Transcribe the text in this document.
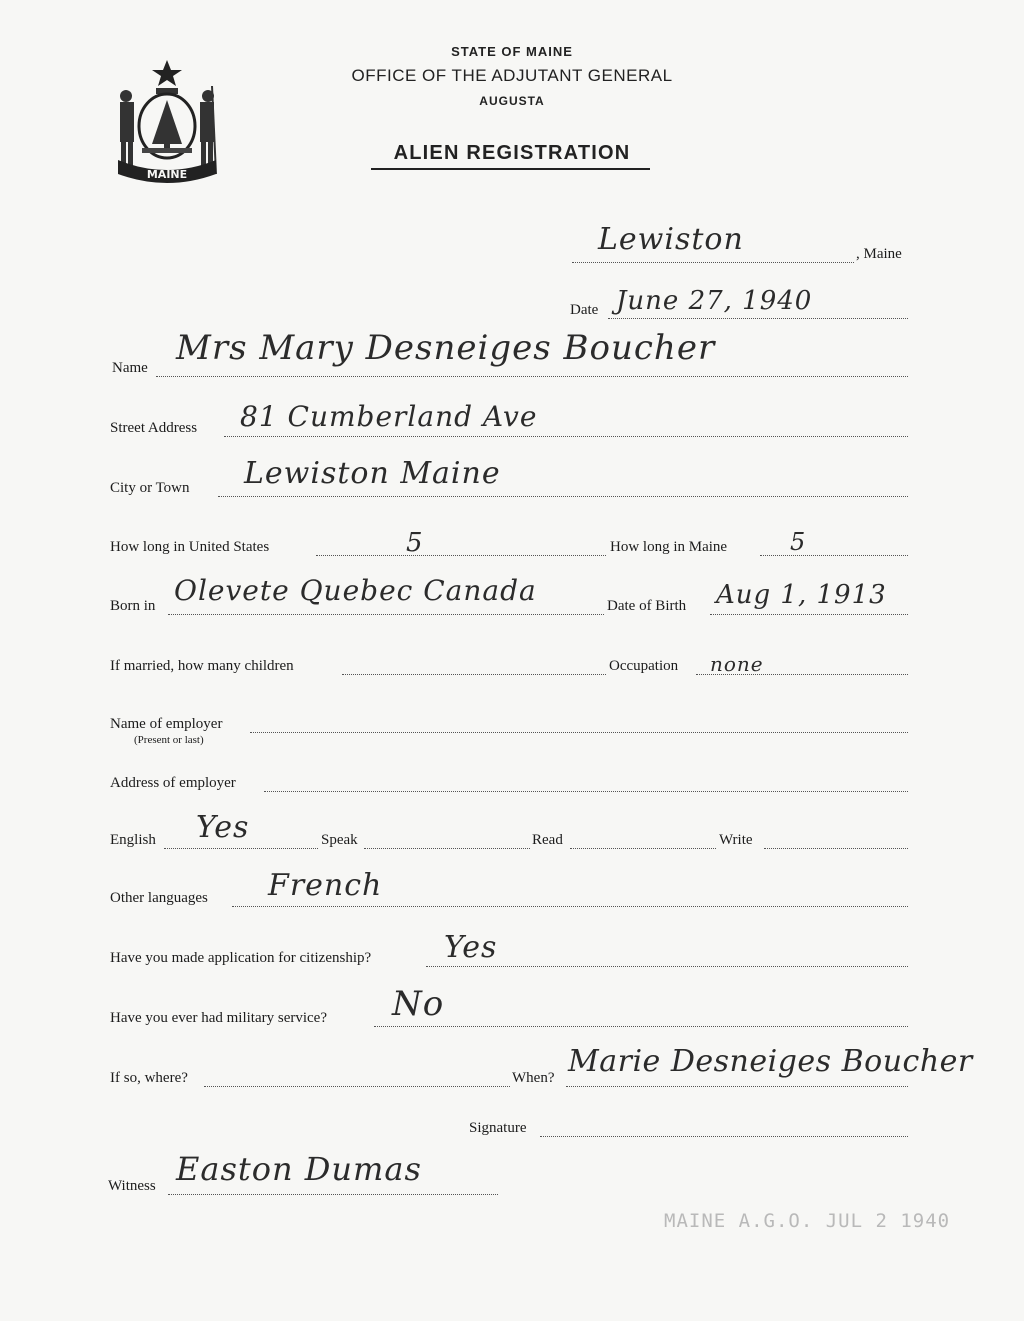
MAINE
STATE OF MAINE
OFFICE OF THE ADJUTANT GENERAL
AUGUSTA
ALIEN REGISTRATION
Lewiston	, Maine
Date June 27, 1940
Name Mrs Mary Desneiges Boucher
Street Address 81 Cumberland Ave
City or Town Lewiston Maine
How long in United States	5	How long in Maine	5
Born in Olevete Quebec Canada	Date of Birth Aug 1, 1913
If married, how many children	Occupation none
Name of employer
(Present or last)
Address of employer
English Yes	Speak	Read	Write
Other languages French
Have you made application for citizenship? Yes
Have you ever had military service? No
If so, where?	When? Marie Desneiges Boucher
Signature
Witness Easton Dumas
MAINE A.G.O. JUL 2 1940
